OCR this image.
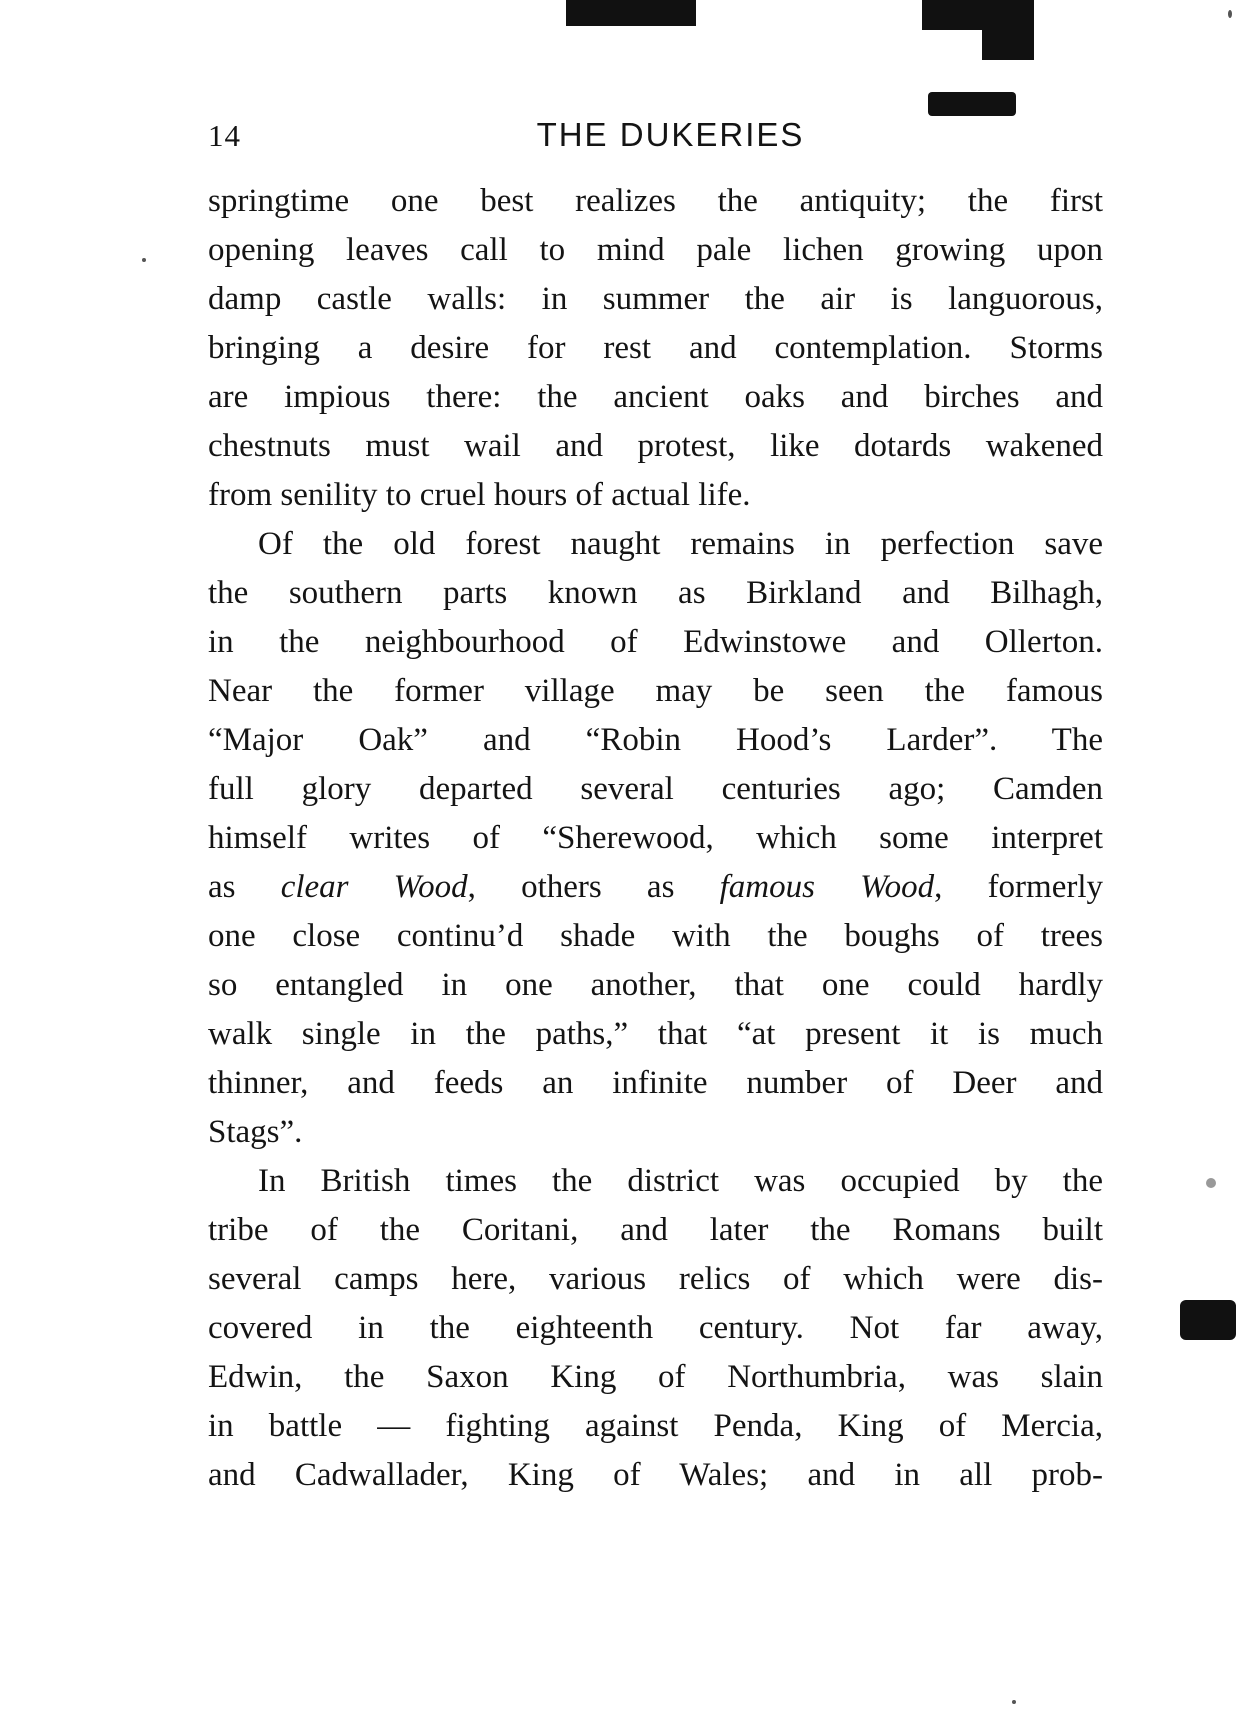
14	THE DUKERIES
springtime one best realizes the antiquity; the first
opening leaves call to mind pale lichen growing upon
damp castle walls: in summer the air is languorous,
bringing a desire for rest and contemplation. Storms
are impious there: the ancient oaks and birches and
chestnuts must wail and protest, like dotards wakened
from senility to cruel hours of actual life.
Of the old forest naught remains in perfection save
the southern parts known as Birkland and Bilhagh,
in the neighbourhood of Edwinstowe and Ollerton.
Near the former village may be seen the famous
“Major Oak” and “Robin Hood’s Larder”. The
full glory departed several centuries ago; Camden
himself writes of “Sherewood, which some interpret
as clear Wood, others as famous Wood, formerly
one close continu’d shade with the boughs of trees
so entangled in one another, that one could hardly
walk single in the paths,” that “at present it is much
thinner, and feeds an infinite number of Deer and
Stags”.
In British times the district was occupied by the
tribe of the Coritani, and later the Romans built
several camps here, various relics of which were dis-
covered in the eighteenth century. Not far away,
Edwin, the Saxon King of Northumbria, was slain
in battle — fighting against Penda, King of Mercia,
and Cadwallader, King of Wales; and in all prob-
